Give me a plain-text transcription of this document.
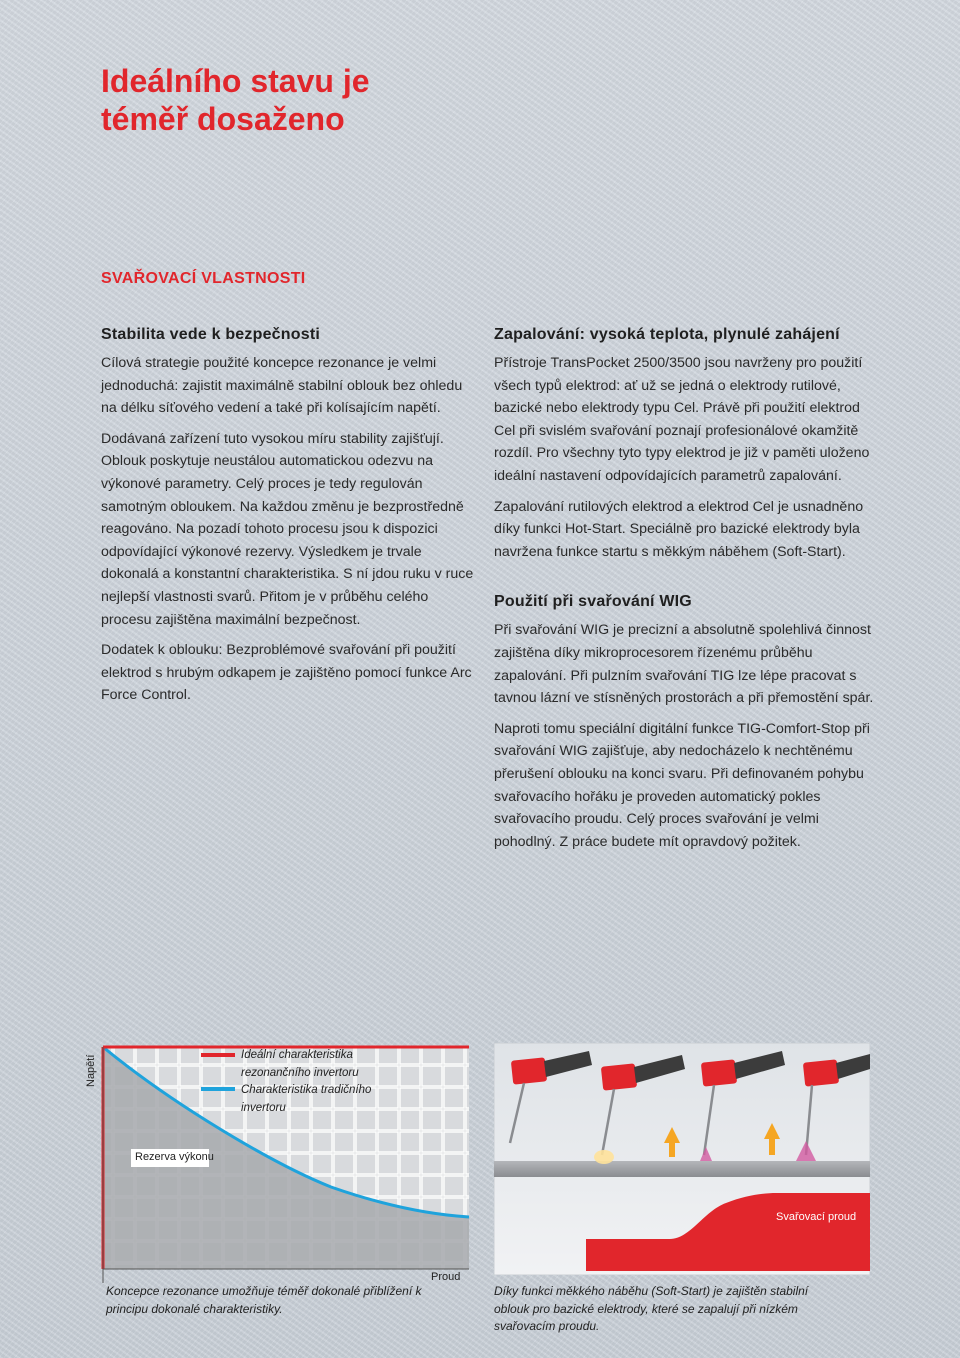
Ideálního stavu je
téměř dosaženo
SVAŘOVACÍ VLASTNOSTI
Stabilita vede k bezpečnosti

Cílová strategie použité koncepce rezonance je velmi jednoduchá: zajistit maximálně stabilní oblouk bez ohledu na délku síťového vedení a také při kolísajícím napětí.

Dodávaná zařízení tuto vysokou míru stability zajišťují. Oblouk poskytuje neustálou automatickou odezvu na výkonové parametry. Celý proces je tedy regulován samotným obloukem. Na každou změnu je bezprostředně reagováno. Na pozadí tohoto procesu jsou k dispozici odpovídající výkonové rezervy. Výsledkem je trvale dokonalá a konstantní charakteristika. S ní jdou ruku v ruce nejlepší vlastnosti svarů. Přitom je v průběhu celého procesu zajištěna maximální bezpečnost.

Dodatek k oblouku: Bezproblémové svařování při použití elektrod s hrubým odkapem je zajištěno pomocí funkce Arc Force Control.

Zapalování: vysoká teplota, plynulé zahájení

Přístroje TransPocket 2500/3500 jsou navrženy pro použití všech typů elektrod: ať už se jedná o elektrody rutilové, bazické nebo elektrody typu Cel. Právě při použití elektrod Cel při svislém svařování poznají profesionálové okamžitě rozdíl. Pro všechny tyto typy elektrod je již v paměti uloženo ideální nastavení odpovídajících parametrů zapalování.

Zapalování rutilových elektrod a elektrod Cel je usnadněno díky funkci Hot-Start. Speciálně pro bazické elektrody byla navržena funkce startu s měkkým náběhem (Soft-Start).

Použití při svařování WIG

Při svařování WIG je precizní a absolutně spolehlivá činnost zajištěna díky mikroprocesorem řízenému průběhu zapalování. Při pulzním svařování TIG lze lépe pracovat s tavnou lázní ve stísněných prostorách a při přemostění spár.

Naproti tomu speciální digitální funkce TIG-Comfort-Stop při svařování WIG zajišťuje, aby nedocházelo k nechtěnému přerušení oblouku na konci svaru. Při definovaném pohybu svařovacího hořáku je proveden automatický pokles svařovacího proudu. Celý proces svařování je velmi pohodlný. Z práce budete mít opravdový požitek.

Napětí	Ideální charakteristika rezonančního invertoru
Charakteristika tradičního invertoru
Rezerva výkonu
Proud
Koncepce rezonance umožňuje téměř dokonalé přiblížení k principu dokonalé charakteristiky.
Svařovací proud
Díky funkci měkkého náběhu (Soft-Start) je zajištěn stabilní oblouk pro bazické elektrody, které se zapalují při nízkém svařovacím proudu.
